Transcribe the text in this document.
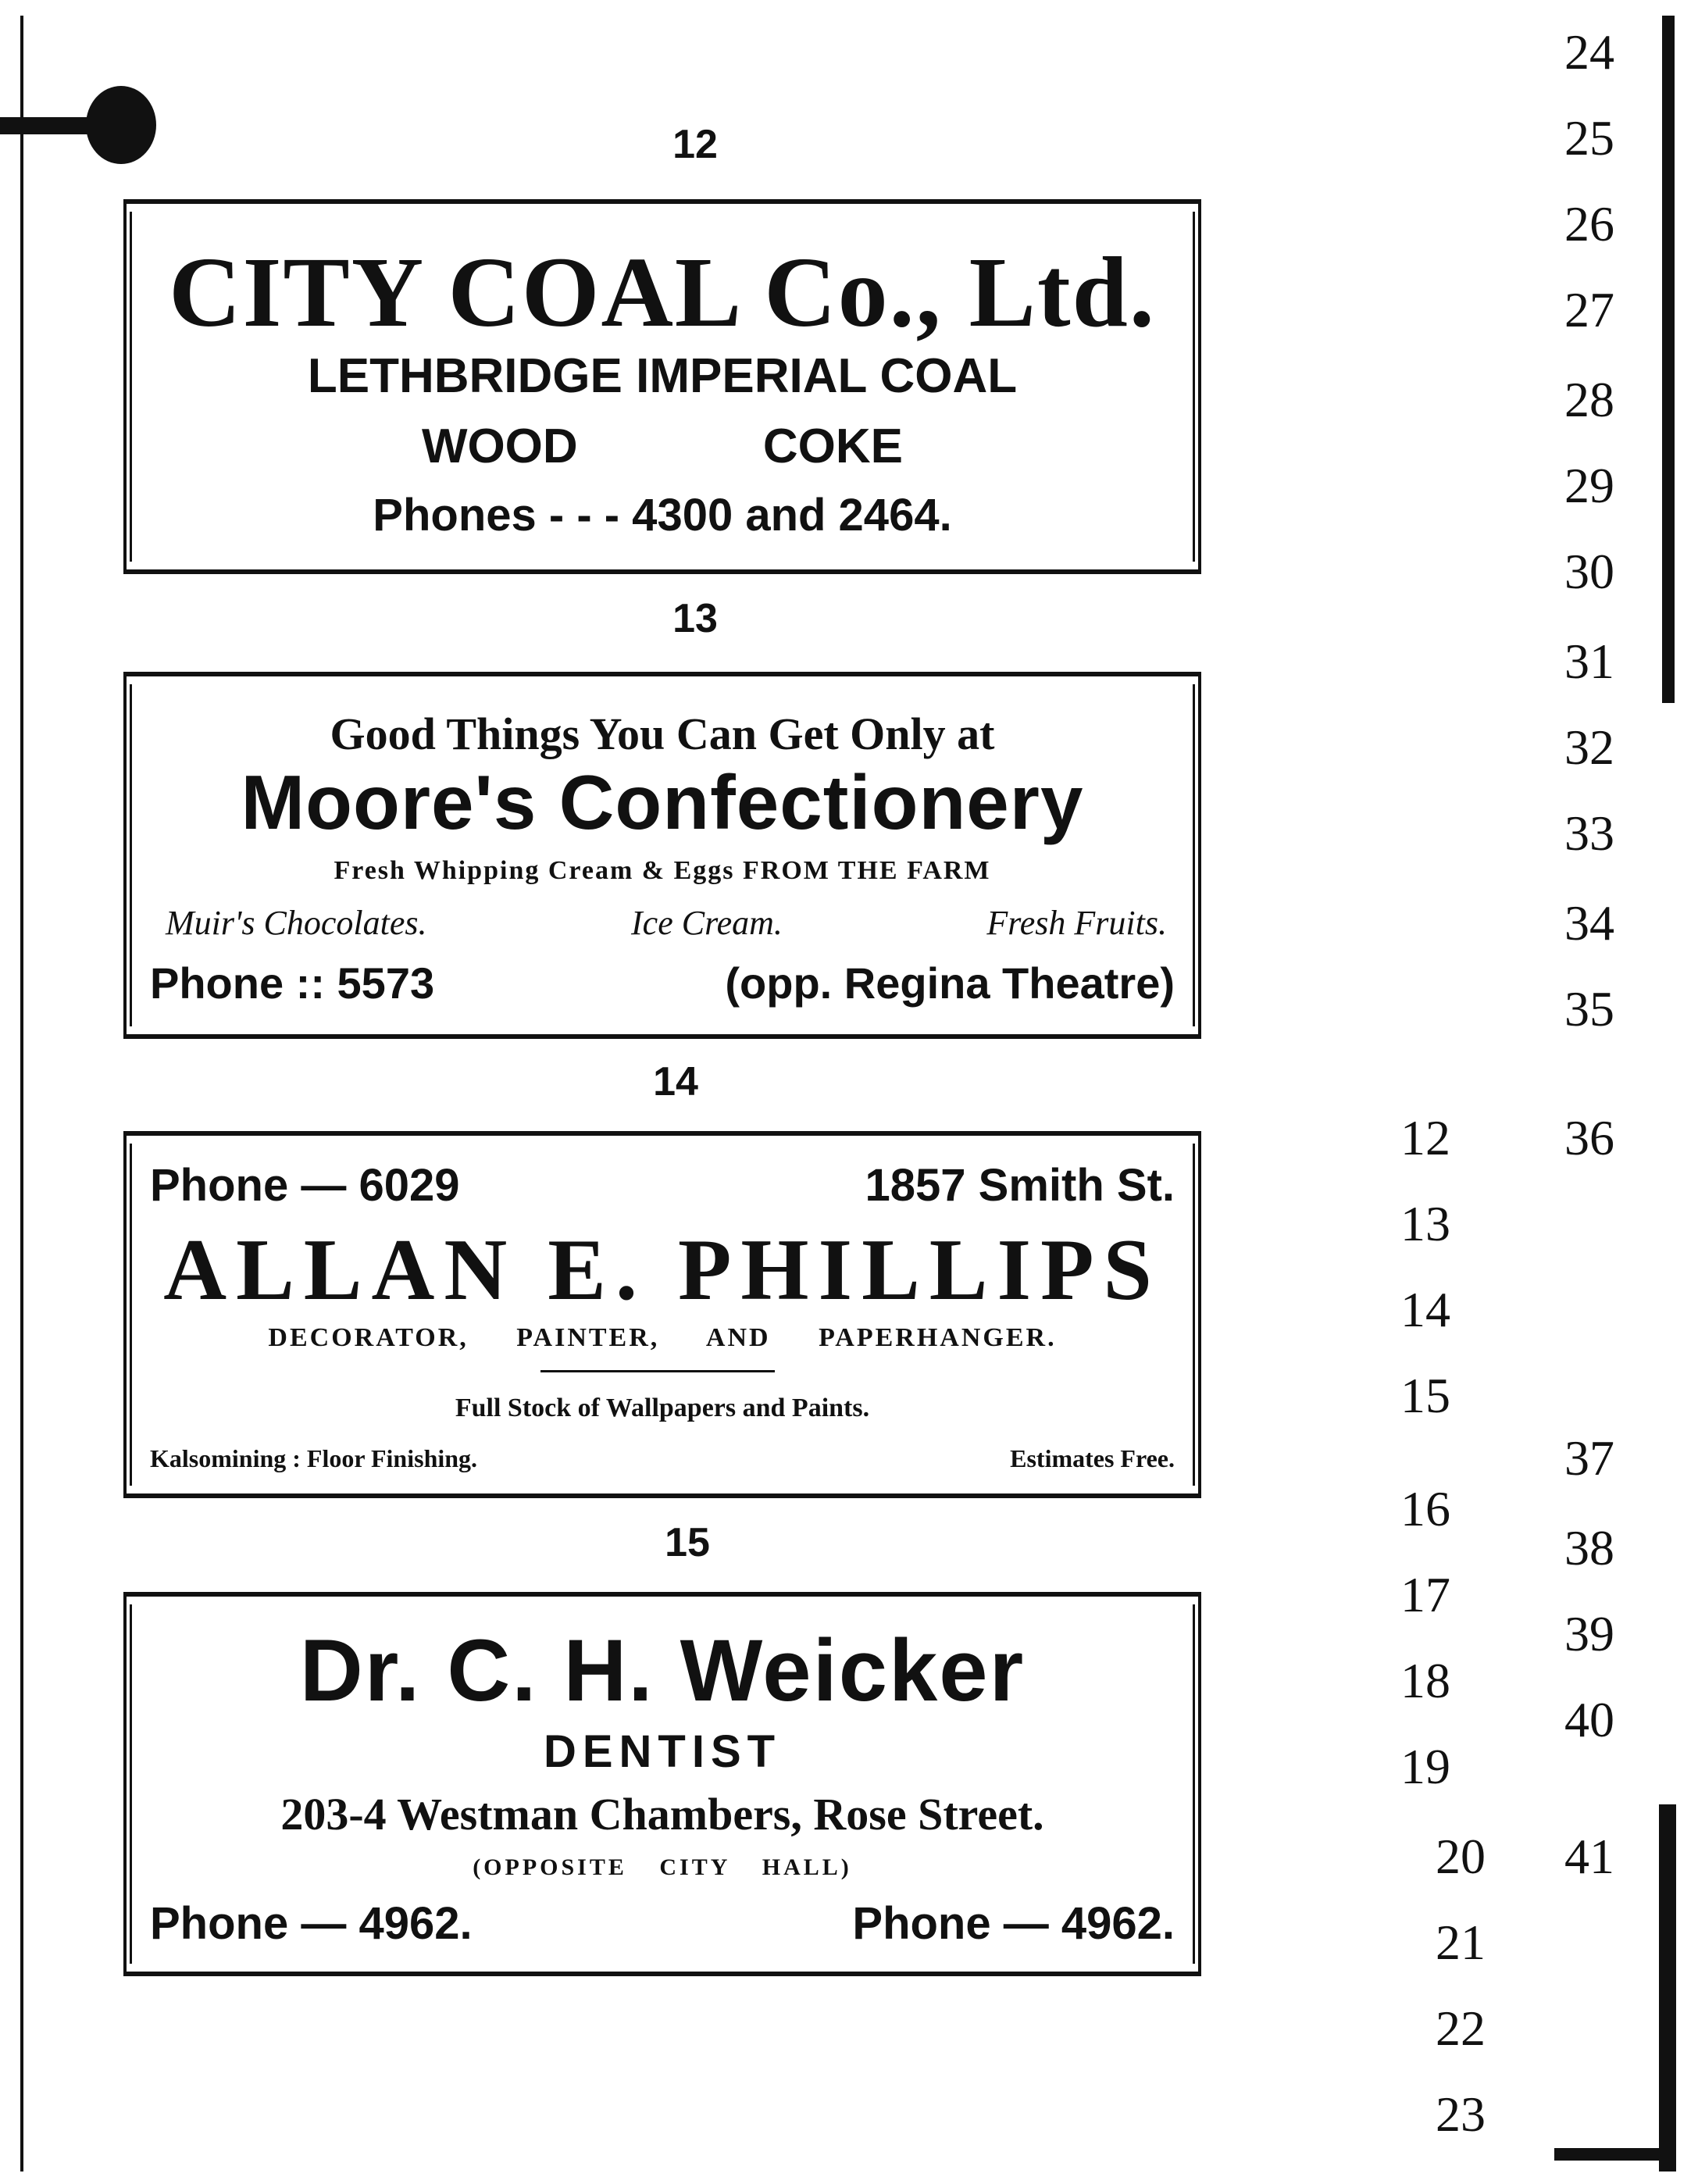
12
CITY COAL Co., Ltd.
LETHBRIDGE IMPERIAL COAL
WOOD COKE
Phones - - - 4300 and 2464.
13
Good Things You Can Get Only at
Moore's Confectionery
Fresh Whipping Cream & Eggs FROM THE FARM
Muir's Chocolates.	Ice Cream.	Fresh Fruits.
Phone :: 5573	(opp. Regina Theatre)
14
Phone — 6029	1857 Smith St.
ALLAN E. PHILLIPS
DECORATOR, PAINTER, AND PAPERHANGER.
Full Stock of Wallpapers and Paints.
Kalsomining : Floor Finishing.	Estimates Free.
15
Dr. C. H. Weicker
DENTIST
203-4 Westman Chambers, Rose Street.
(OPPOSITE CITY HALL)
Phone — 4962.	Phone — 4962.
12
13
14
15
16
17
18
19
20
21
22
23
24
25
26
27
28
29
30
31
32
33
34
35
36
37
38
39
40
41
